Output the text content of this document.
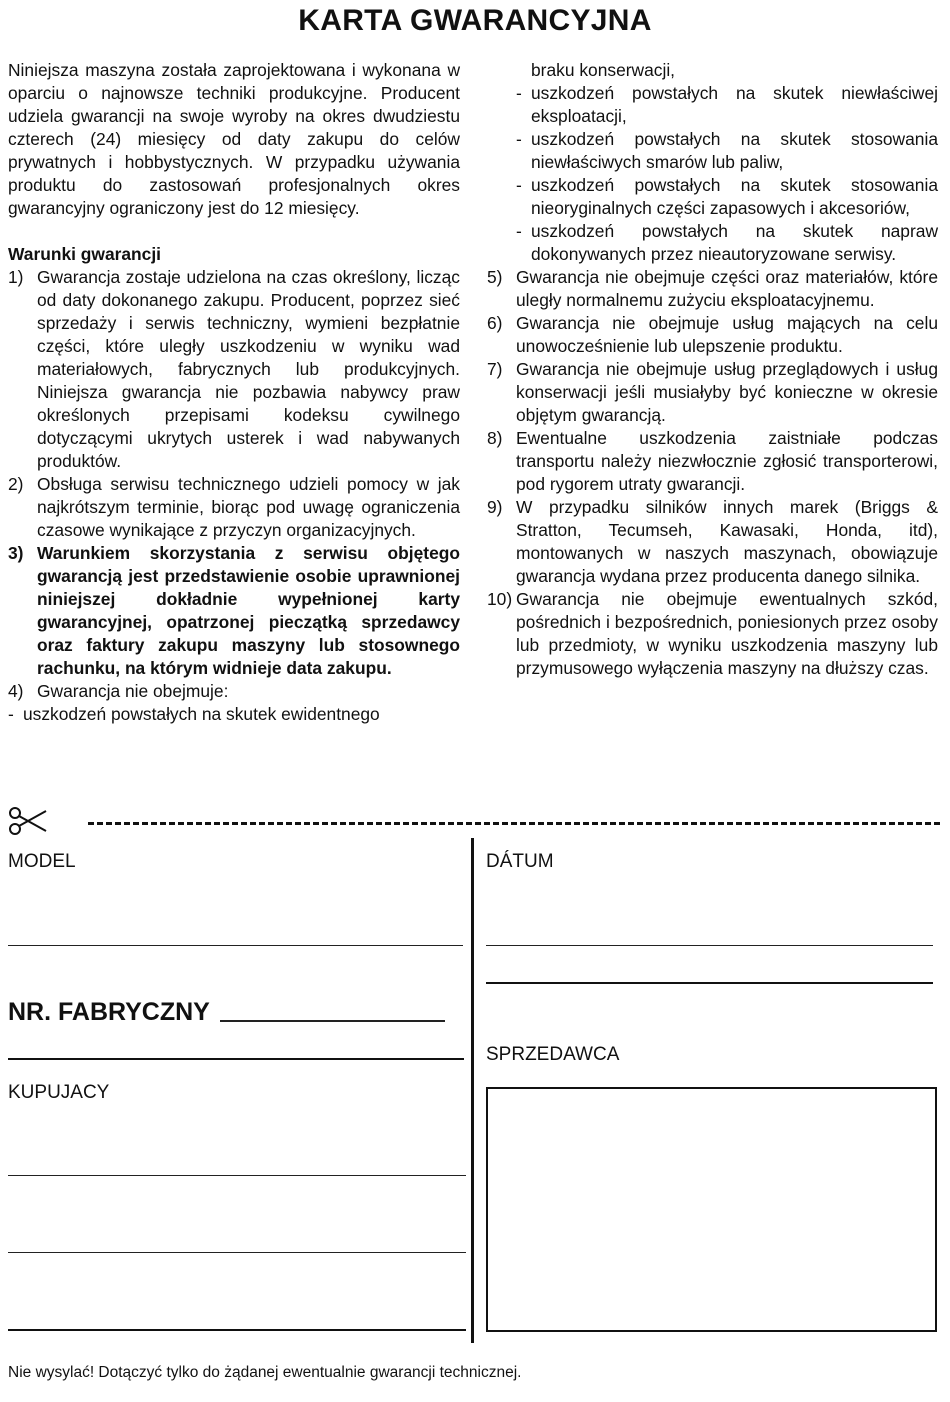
KARTA GWARANCYJNA

Niniejsza maszyna została zaprojektowana i wykonana w oparciu o najnowsze techniki produkcyjne. Producent udziela gwarancji na swoje wyroby na okres dwudziestu czterech (24) miesięcy od daty zakupu do celów prywatnych i hobbystycznych. W przypadku używania produktu do zastosowań profesjonalnych okres gwarancyjny ograniczony jest do 12 miesięcy.

Warunki gwarancji
1) Gwarancja zostaje udzielona na czas określony, licząc od daty dokonanego zakupu. Producent, poprzez sieć sprzedaży i serwis techniczny, wymieni bezpłatnie części, które uległy uszkodzeniu w wyniku wad materiałowych, fabrycznych lub produkcyjnych. Niniejsza gwarancja nie pozbawia nabywcy praw określonych przepisami kodeksu cywilnego dotyczącymi ukrytych usterek i wad nabywanych produktów.
2) Obsługa serwisu technicznego udzieli pomocy w jak najkrótszym terminie, biorąc pod uwagę ograniczenia czasowe wynikające z przyczyn organizacyjnych.
3) Warunkiem skorzystania z serwisu objętego gwarancją jest przedstawienie osobie uprawnionej niniejszej dokładnie wypełnionej karty gwarancyjnej, opatrzonej pieczątką sprzedawcy oraz faktury zakupu maszyny lub stosownego rachunku, na którym widnieje data zakupu.
4) Gwarancja nie obejmuje:
- uszkodzeń powstałych na skutek ewidentnego
braku konserwacji,
- uszkodzeń powstałych na skutek niewłaściwej eksploatacji,
- uszkodzeń powstałych na skutek stosowania niewłaściwych smarów lub paliw,
- uszkodzeń powstałych na skutek stosowania nieoryginalnych części zapasowych i akcesoriów,
- uszkodzeń powstałych na skutek napraw dokonywanych przez nieautoryzowane serwisy.
5) Gwarancja nie obejmuje części oraz materiałów, które uległy normalnemu zużyciu eksploatacyjnemu.
6) Gwarancja nie obejmuje usług mających na celu unowocześnienie lub ulepszenie produktu.
7) Gwarancja nie obejmuje usług przeglądowych i usług konserwacji jeśli musiałyby być konieczne w okresie objętym gwarancją.
8) Ewentualne uszkodzenia zaistniałe podczas transportu należy niezwłocznie zgłosić transporterowi, pod rygorem utraty gwarancji.
9) W przypadku silników innych marek (Briggs & Stratton, Tecumseh, Kawasaki, Honda, itd), montowanych w naszych maszynach, obowiązuje gwarancja wydana przez producenta danego silnika.
10) Gwarancja nie obejmuje ewentualnych szkód, pośrednich i bezpośrednich, poniesionych przez osoby lub przedmioty, w wyniku uszkodzenia maszyny lub przymusowego wyłączenia maszyny na dłuższy czas.
MODEL
NR. FABRYCZNY
KUPUJACY
DÁTUM
SPRZEDAWCA
Nie wysylać! Dotączyć tylko do żądanej ewentualnie gwarancji technicznej.
